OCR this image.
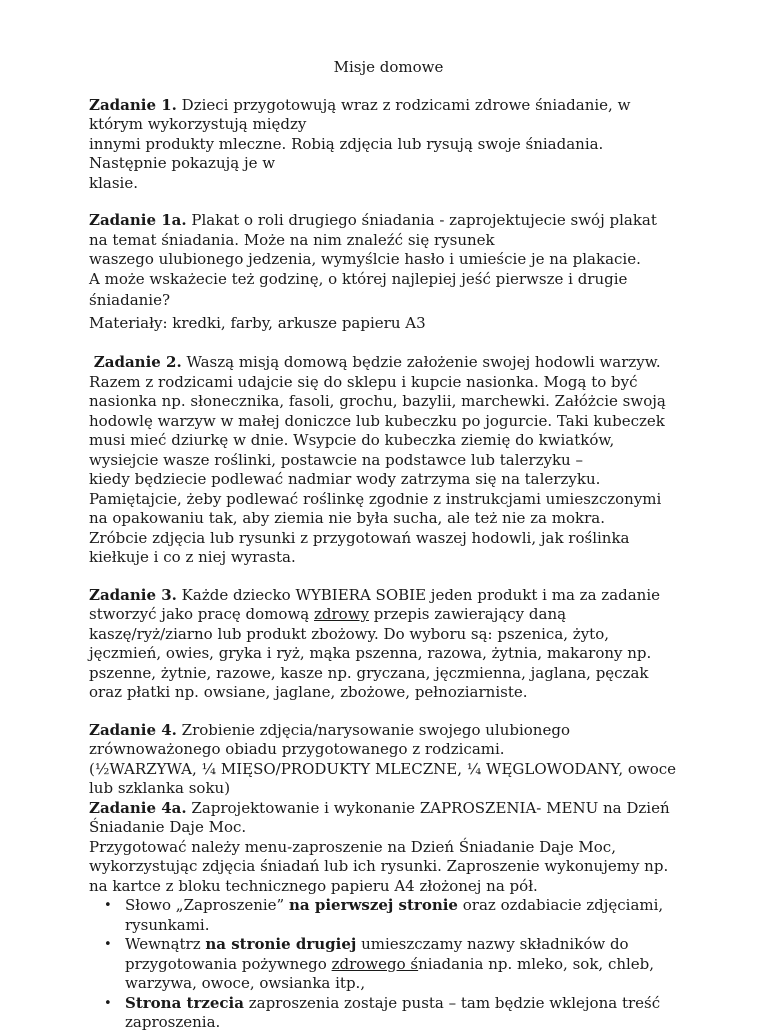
Misje domowe
Zadanie 1. Dzieci przygotowują wraz z rodzicami zdrowe śniadanie, w
którym wykorzystują między
innymi produkty mleczne. Robią zdjęcia lub rysują swoje śniadania.
Następnie pokazują je w
klasie.
Zadanie 1a. Plakat o roli drugiego śniadania - zaprojektujecie swój plakat
na temat śniadania. Może na nim znaleźć się rysunek
waszego ulubionego jedzenia, wymyślcie hasło i umieście je na plakacie.
A może wskażecie też godzinę, o której najlepiej jeść pierwsze i drugie
śniadanie?
Materiały: kredki, farby, arkusze papieru A3
Zadanie 2. Waszą misją domową będzie założenie swojej hodowli warzyw.
Razem z rodzicami udajcie się do sklepu i kupcie nasionka. Mogą to być
nasionka np. słonecznika, fasoli, grochu, bazylii, marchewki. Załóżcie swoją
hodowlę warzyw w małej doniczce lub kubeczku po jogurcie. Taki kubeczek
musi mieć dziurkę w dnie. Wsypcie do kubeczka ziemię do kwiatków,
wysiejcie wasze roślinki, postawcie na podstawce lub talerzyku –
kiedy będziecie podlewać nadmiar wody zatrzyma się na talerzyku.
Pamiętajcie, żeby podlewać roślinkę zgodnie z instrukcjami umieszczonymi
na opakowaniu tak, aby ziemia nie była sucha, ale też nie za mokra.
Zróbcie zdjęcia lub rysunki z przygotowań waszej hodowli, jak roślinka
kiełkuje i co z niej wyrasta.
Zadanie 3. Każde dziecko WYBIERA SOBIE jeden produkt i ma za zadanie
stworzyć jako pracę domową zdrowy przepis zawierający daną
kaszę/ryż/ziarno lub produkt zbożowy. Do wyboru są: pszenica, żyto,
jęczmień, owies, gryka i ryż, mąka pszenna, razowa, żytnia, makarony np.
pszenne, żytnie, razowe, kasze np. gryczana, jęczmienna, jaglana, pęczak
oraz płatki np. owsiane, jaglane, zbożowe, pełnoziarniste.
Zadanie 4. Zrobienie zdjęcia/narysowanie swojego ulubionego
zrównoważonego obiadu przygotowanego z rodzicami.
(½WARZYWA, ¼ MIĘSO/PRODUKTY MLECZNE, ¼ WĘGLOWODANY, owoce
lub szklanka soku)
Zadanie 4a. Zaprojektowanie i wykonanie ZAPROSZENIA- MENU na Dzień
Śniadanie Daje Moc.
Przygotować należy menu-zaproszenie na Dzień Śniadanie Daje Moc,
wykorzystując zdjęcia śniadań lub ich rysunki. Zaproszenie wykonujemy np.
na kartce z bloku technicznego papieru A4 złożonej na pół.
• Słowo „Zaproszenie” na pierwszej stronie oraz ozdabiacie zdjęciami,
rysunkami.
• Wewnątrz na stronie drugiej umieszczamy nazwy składników do
przygotowania pożywnego zdrowego śniadania np. mleko, sok, chleb,
warzywa, owoce, owsianka itp.,
• Strona trzecia zaproszenia zostaje pusta – tam będzie wklejona treść
zaproszenia.
